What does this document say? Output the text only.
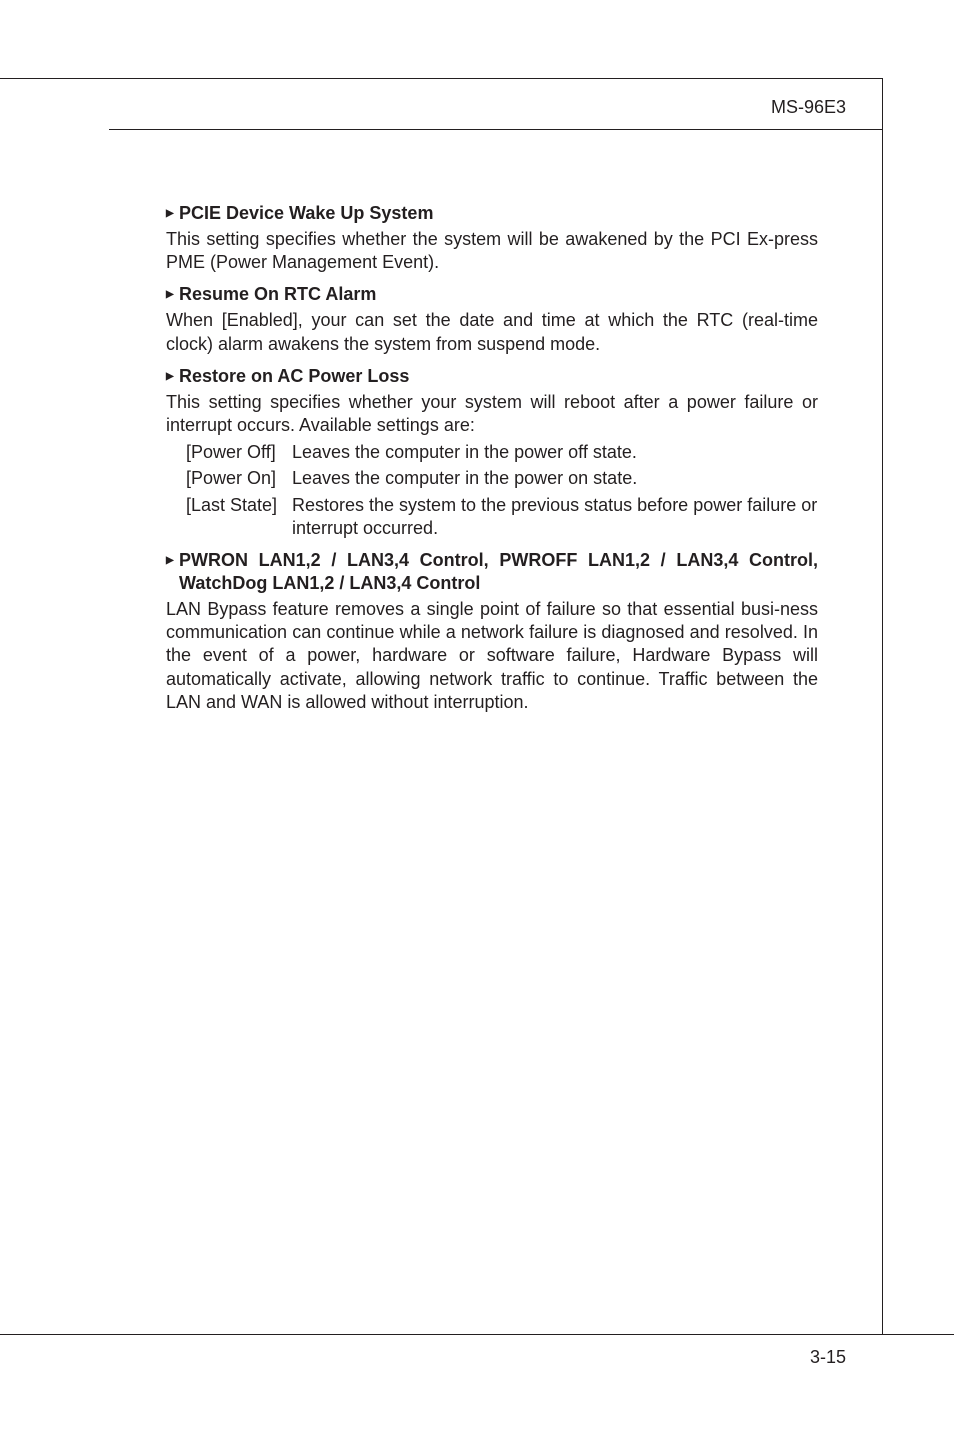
MS-96E3
▶ PCIE Device Wake Up System

This setting specifies whether the system will be awakened by the PCI Ex-press PME (Power Management Event).

▶ Resume On RTC Alarm

When [Enabled], your can set the date and time at which the RTC (real-time clock) alarm awakens the system from suspend mode.

▶ Restore on AC Power Loss

This setting specifies whether your system will reboot after a power failure or interrupt occurs. Available settings are:

[Power Off] Leaves the computer in the power off state.
[Power On] Leaves the computer in the power on state.
[Last State] Restores the system to the previous status before power failure or interrupt occurred.
▶ PWRON LAN1,2 / LAN3,4 Control, PWROFF LAN1,2 / LAN3,4 Control, WatchDog LAN1,2 / LAN3,4 Control

LAN Bypass feature removes a single point of failure so that essential busi-ness communication can continue while a network failure is diagnosed and resolved. In the event of a power, hardware or software failure, Hardware Bypass will automatically activate, allowing network traffic to continue. Traffic between the LAN and WAN is allowed without interruption.

3-15
